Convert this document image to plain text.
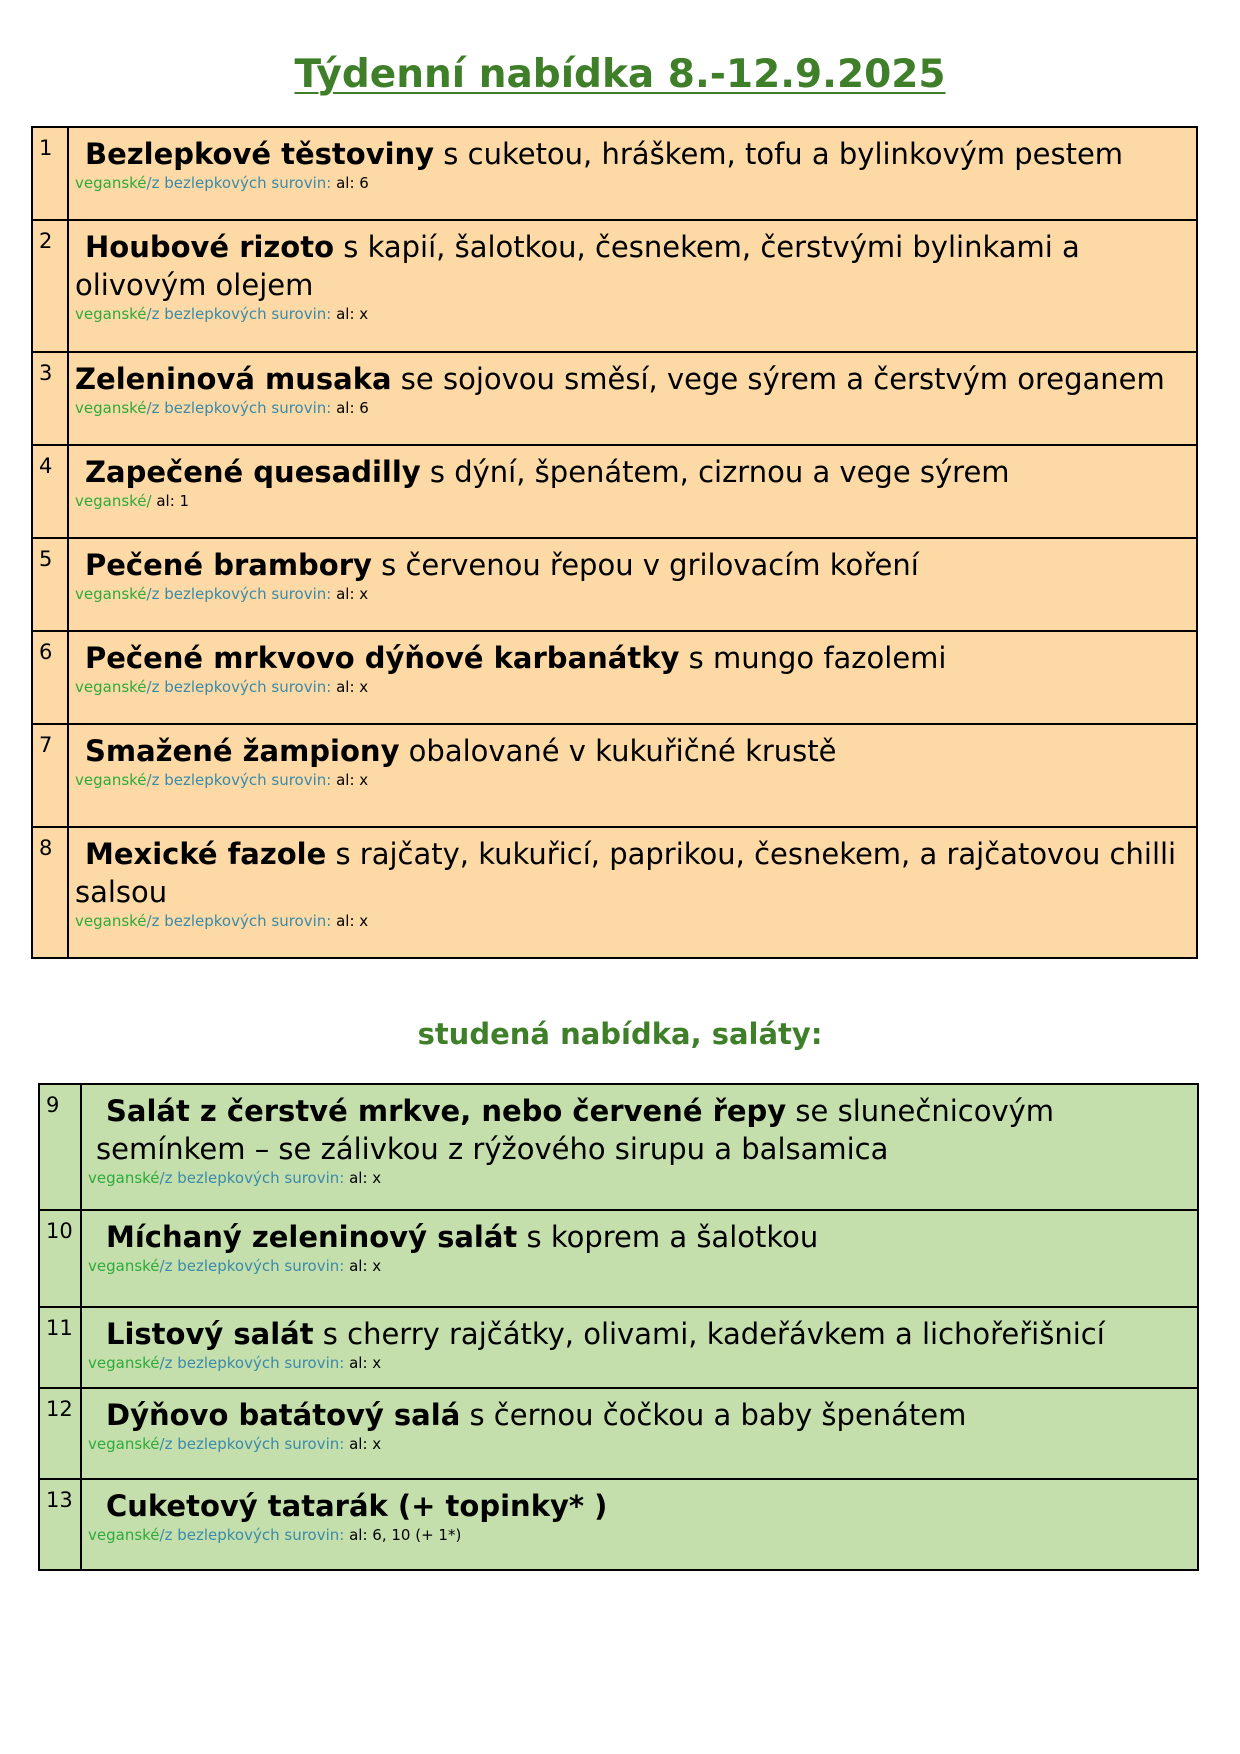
Týdenní nabídka 8.-12.9.2025
1	Bezlepkové těstoviny s cuketou, hráškem, tofu a bylinkovým pestem
veganské/z bezlepkových surovin: al: 6

2	Houbové rizoto s kapií, šalotkou, česnekem, čerstvými bylinkami a olivovým olejem
veganské/z bezlepkových surovin: al: x

3	Zeleninová musaka se sojovou směsí, vege sýrem a čerstvým oreganem
veganské/z bezlepkových surovin: al: 6

4	Zapečené quesadilly s dýní, špenátem, cizrnou a vege sýrem
veganské/ al: 1

5	Pečené brambory s červenou řepou v grilovacím koření
veganské/z bezlepkových surovin: al: x

6	Pečené mrkvovo dýňové karbanátky s mungo fazolemi
veganské/z bezlepkových surovin: al: x

7	Smažené žampiony obalované v kukuřičné krustě
veganské/z bezlepkových surovin: al: x

8	Mexické fazole s rajčaty, kukuřicí, paprikou, česnekem, a rajčatovou chilli salsou
veganské/z bezlepkových surovin: al: x
studená nabídka, saláty:
9	Salát z čerstvé mrkve, nebo červené řepy se slunečnicovým semínkem – se zálivkou z rýžového sirupu a balsamica
veganské/z bezlepkových surovin: al: x

10	Míchaný zeleninový salát s koprem a šalotkou
veganské/z bezlepkových surovin: al: x

11	Listový salát s cherry rajčátky, olivami, kadeřávkem a lichořeřišnicí
veganské/z bezlepkových surovin: al: x

12	Dýňovo batátový salá s černou čočkou a baby špenátem
veganské/z bezlepkových surovin: al: x

13	Cuketový tatarák (+ topinky* )
veganské/z bezlepkových surovin: al: 6, 10 (+ 1*)
